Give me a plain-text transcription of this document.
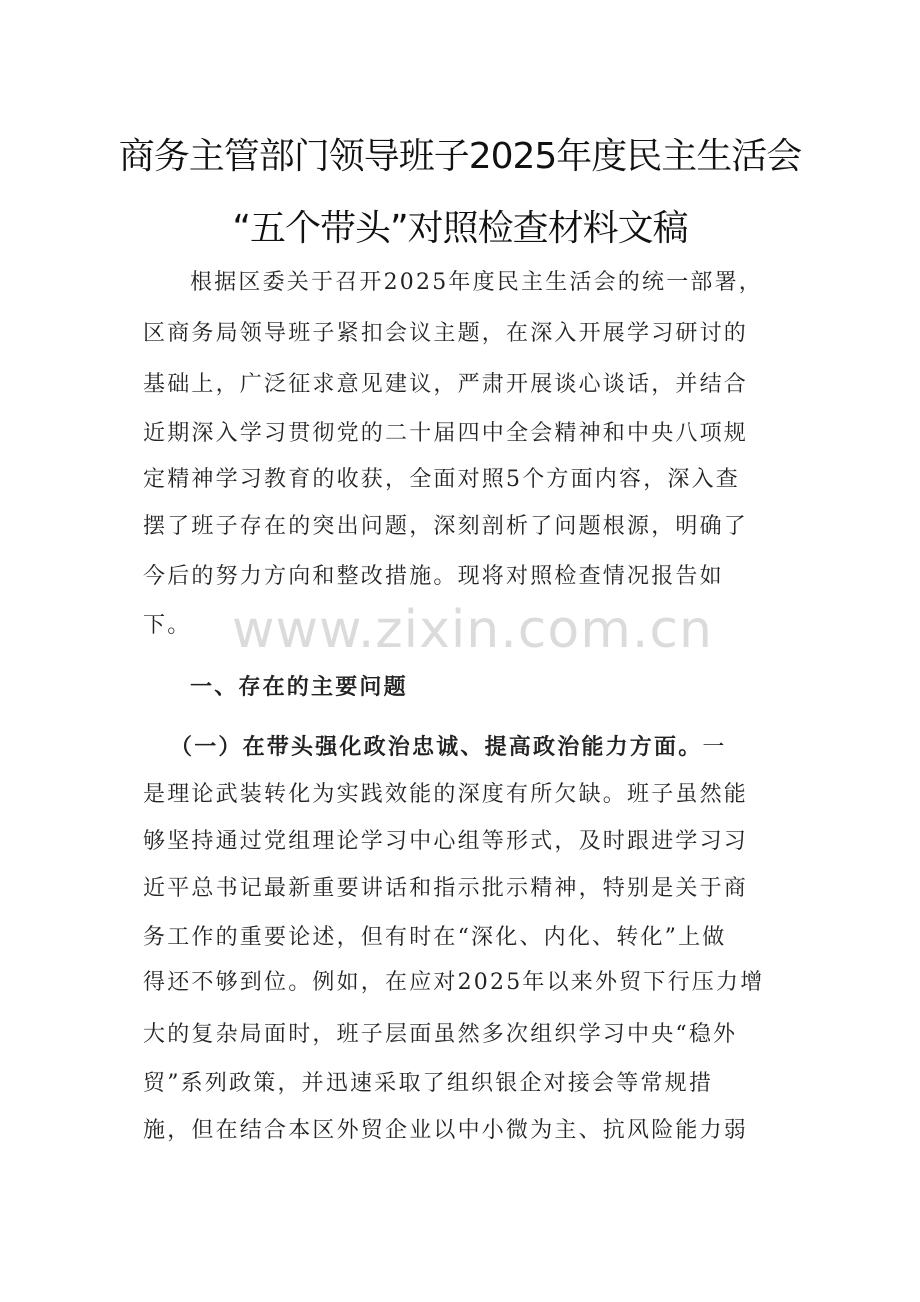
商务主管部门领导班子2025年度民主生活会
“五个带头”对照检查材料文稿
根据区委关于召开2025年度民主生活会的统一部署，
区商务局领导班子紧扣会议主题，在深入开展学习研讨的
基础上，广泛征求意见建议，严肃开展谈心谈话，并结合
近期深入学习贯彻党的二十届四中全会精神和中央八项规
定精神学习教育的收获，全面对照5个方面内容，深入查
摆了班子存在的突出问题，深刻剖析了问题根源，明确了
今后的努力方向和整改措施。现将对照检查情况报告如
下。 www.zixin.com.cn
一、存在的主要问题
（一）在带头强化政治忠诚、提高政治能力方面。一
是理论武装转化为实践效能的深度有所欠缺。班子虽然能
够坚持通过党组理论学习中心组等形式，及时跟进学习习
近平总书记最新重要讲话和指示批示精神，特别是关于商
务工作的重要论述，但有时在“深化、内化、转化”上做
得还不够到位。例如，在应对2025年以来外贸下行压力增
大的复杂局面时，班子层面虽然多次组织学习中央“稳外
贸”系列政策，并迅速采取了组织银企对接会等常规措
施，但在结合本区外贸企业以中小微为主、抗风险能力弱
